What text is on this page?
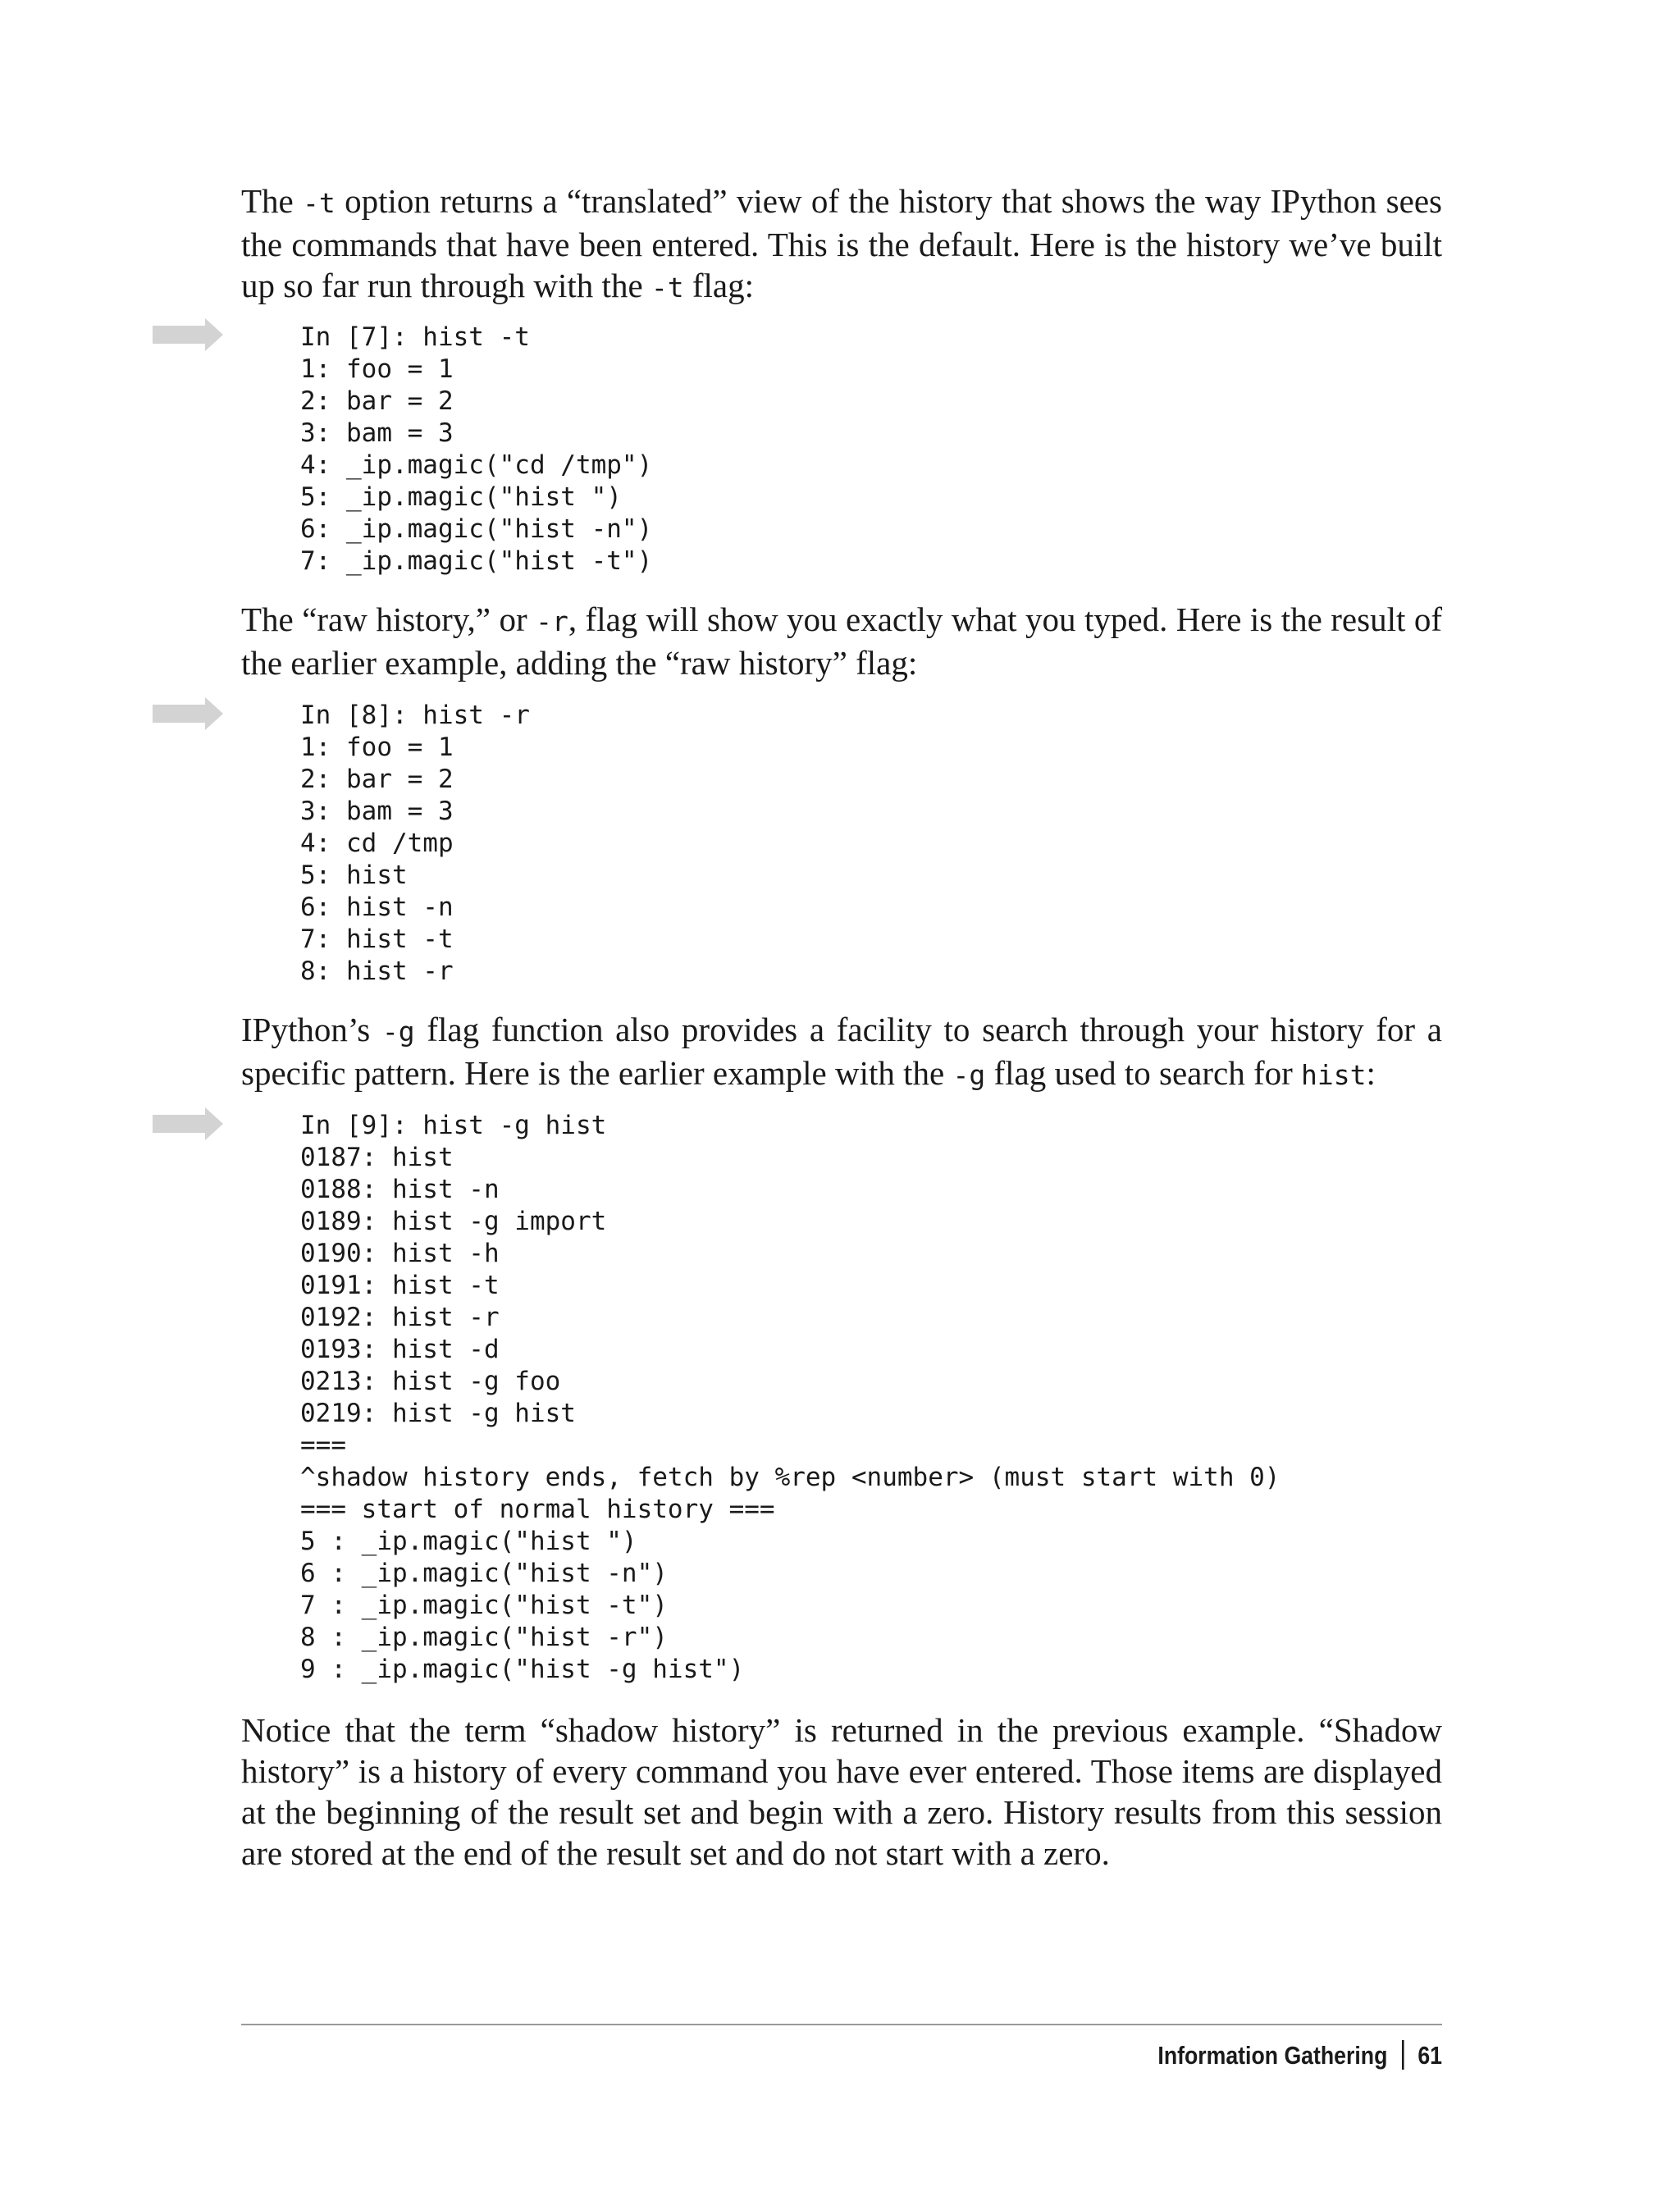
The -t option returns a “translated” view of the history that shows the way IPython sees the commands that have been entered. This is the default. Here is the history we’ve built up so far run through with the -t flag:

In [7]: hist -t
1: foo = 1
2: bar = 2
3: bam = 3
4: _ip.magic("cd /tmp")
5: _ip.magic("hist ")
6: _ip.magic("hist -n")
7: _ip.magic("hist -t")

The “raw history,” or -r, flag will show you exactly what you typed. Here is the result of the earlier example, adding the “raw history” flag:

In [8]: hist -r
1: foo = 1
2: bar = 2
3: bam = 3
4: cd /tmp
5: hist
6: hist -n
7: hist -t
8: hist -r

IPython’s -g flag function also provides a facility to search through your history for a specific pattern. Here is the earlier example with the -g flag used to search for hist:

In [9]: hist -g hist
0187: hist
0188: hist -n
0189: hist -g import
0190: hist -h
0191: hist -t
0192: hist -r
0193: hist -d
0213: hist -g foo
0219: hist -g hist
===
^shadow history ends, fetch by %rep <number> (must start with 0)
=== start of normal history ===
5 : _ip.magic("hist ")
6 : _ip.magic("hist -n")
7 : _ip.magic("hist -t")
8 : _ip.magic("hist -r")
9 : _ip.magic("hist -g hist")

Notice that the term “shadow history” is returned in the previous example. “Shadow history” is a history of every command you have ever entered. Those items are displayed at the beginning of the result set and begin with a zero. History results from this session are stored at the end of the result set and do not start with a zero.

Information Gathering 61
